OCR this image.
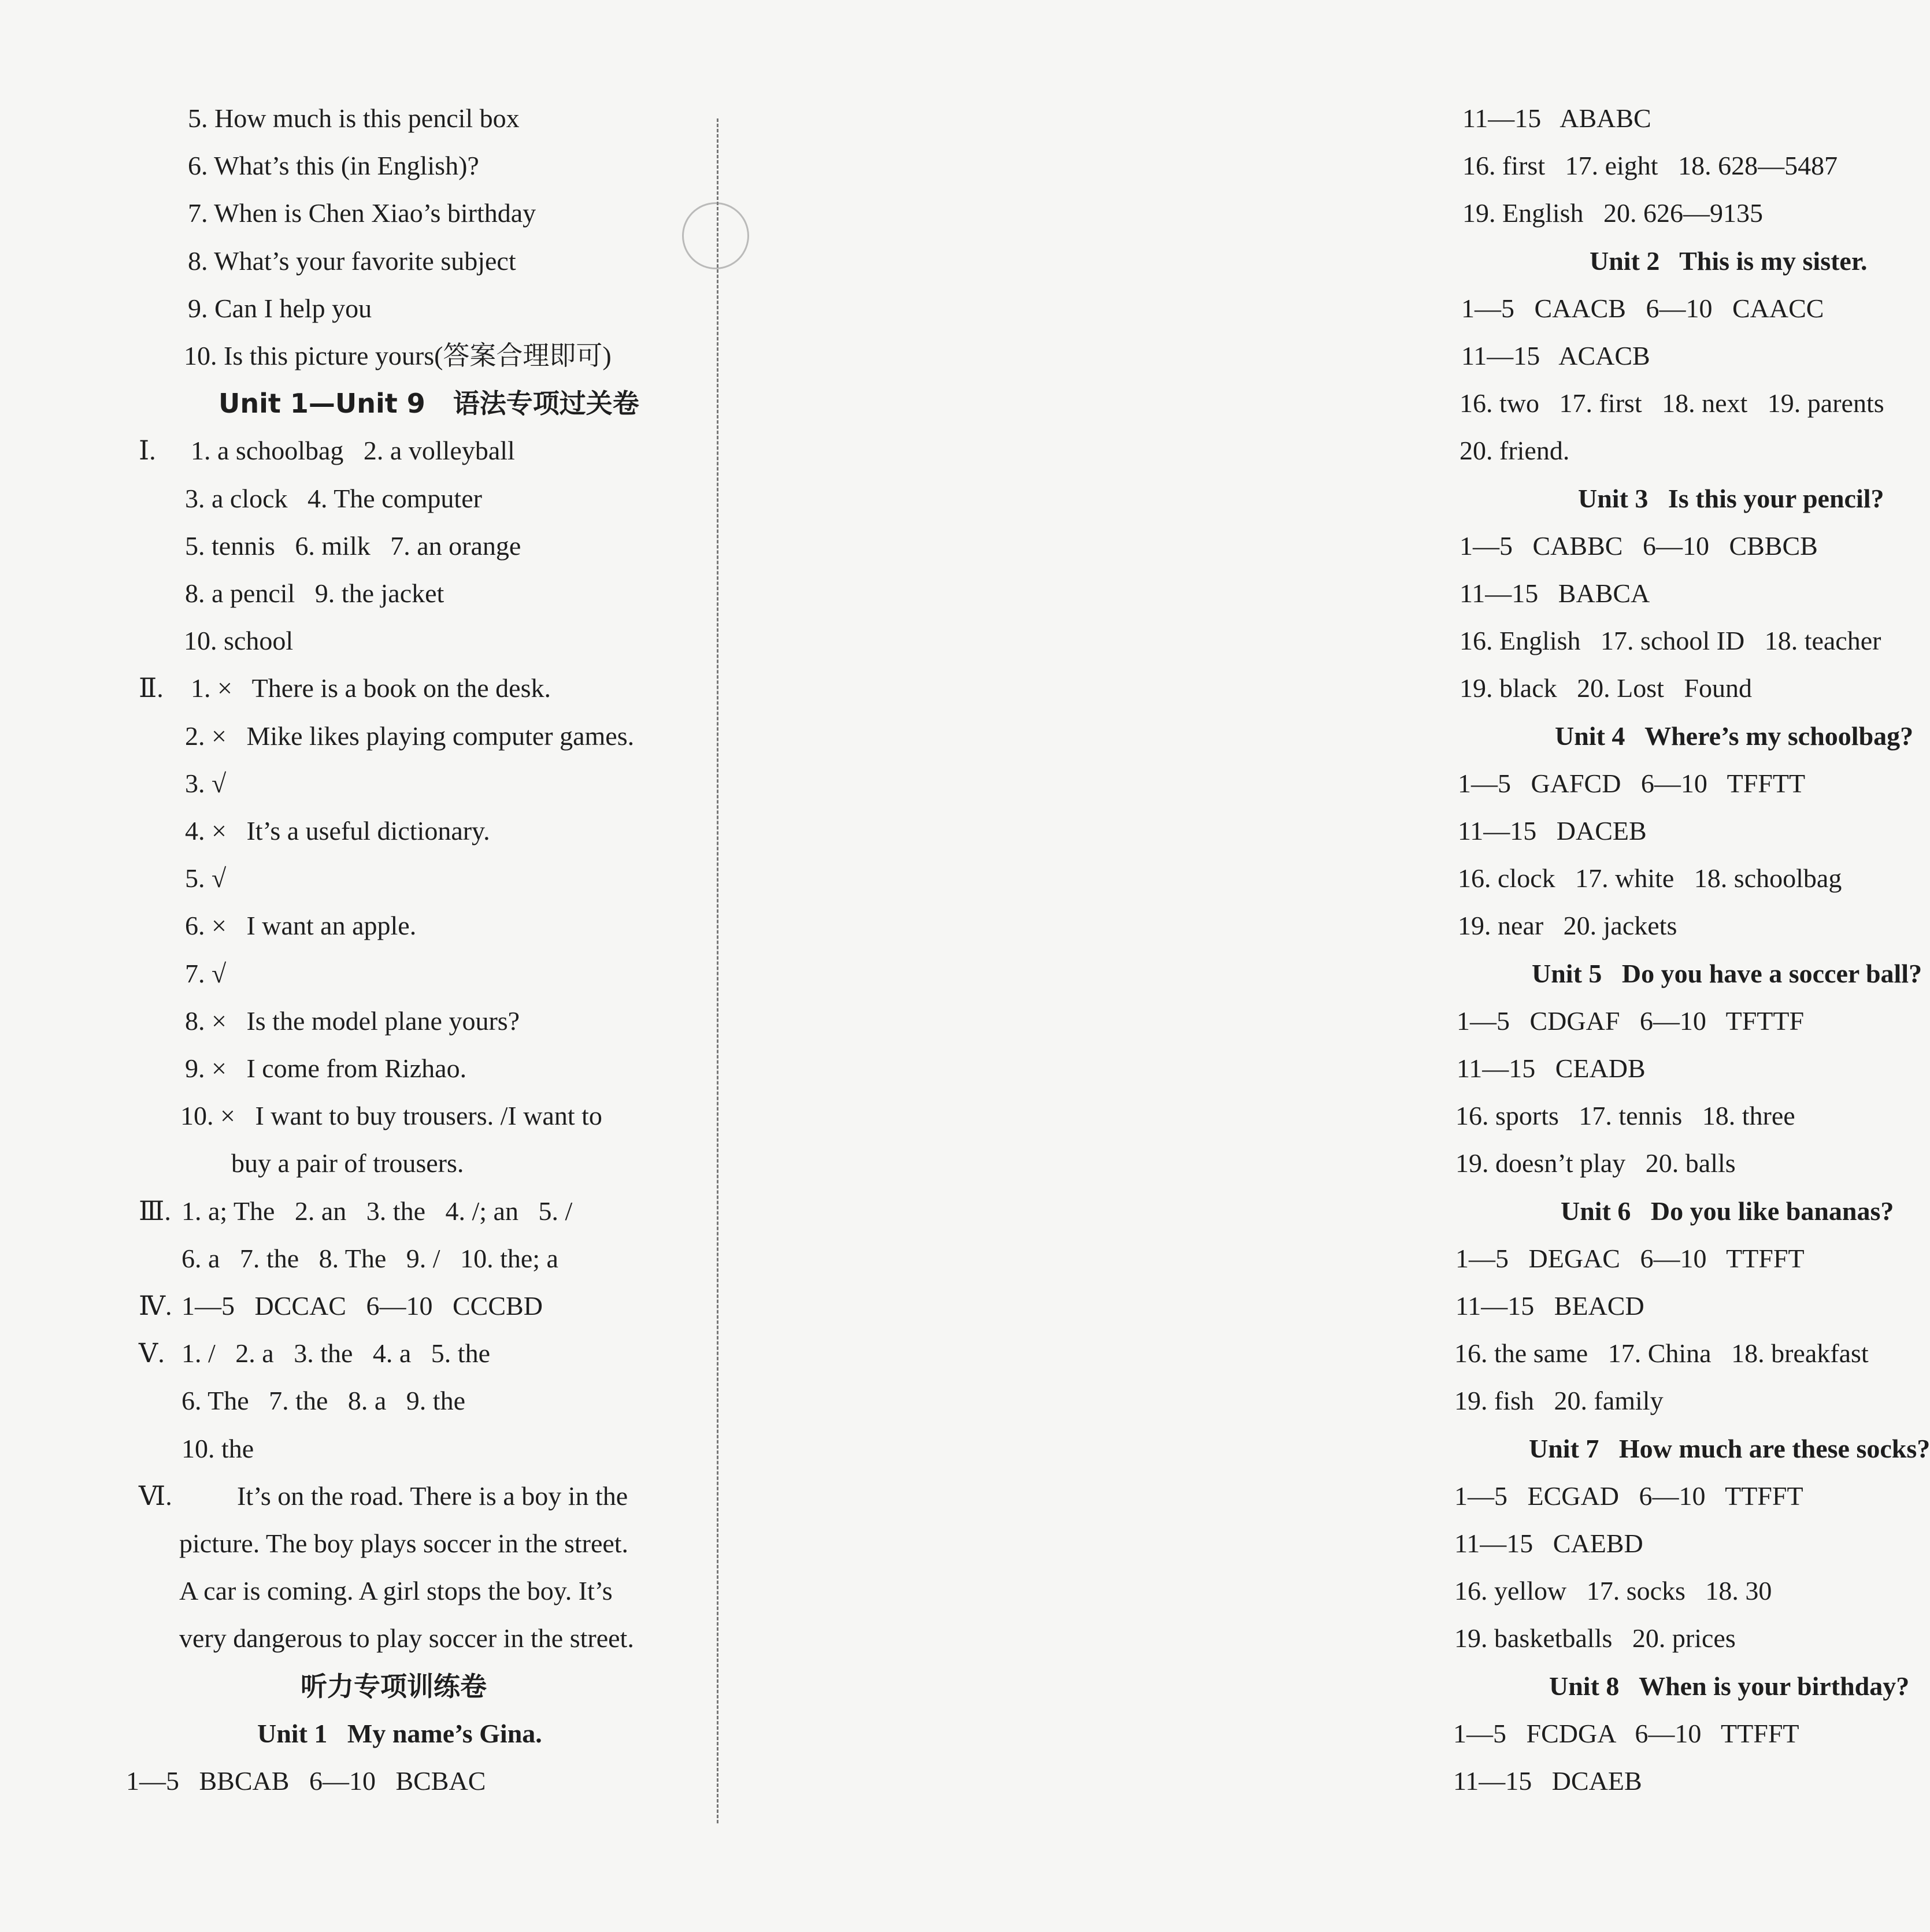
5. How much is this pencil box
6. What’s this (in English)?
7. When is Chen Xiao’s birthday
8. What’s your favorite subject
9. Can I help you
10. Is this picture yours(答案合理即可)
Unit 1—Unit 9   语法专项过关卷
Ⅰ. 1. a schoolbag   2. a volleyball
3. a clock   4. The computer
5. tennis   6. milk   7. an orange
8. a pencil   9. the jacket
10. school
Ⅱ. 1. ×   There is a book on the desk.
2. ×   Mike likes playing computer games.
3. √
4. ×   It’s a useful dictionary.
5. √
6. ×   I want an apple.
7. √
8. ×   Is the model plane yours?
9. ×   I come from Rizhao.
10. ×   I want to buy trousers. /I want to
buy a pair of trousers.
Ⅲ. 1. a; The   2. an   3. the   4. /; an   5. /
6. a   7. the   8. The   9. /   10. the; a
Ⅳ. 1—5   DCCAC   6—10   CCCBD
Ⅴ. 1. /   2. a   3. the   4. a   5. the
6. The   7. the   8. a   9. the
10. the
Ⅵ. It’s on the road. There is a boy in the
picture. The boy plays soccer in the street.
A car is coming. A girl stops the boy. It’s
very dangerous to play soccer in the street.
听力专项训练卷
Unit 1   My name’s Gina.
1—5   BBCAB   6—10   BCBAC
11—15   ABABC
16. first   17. eight   18. 628—5487
19. English   20. 626—9135
Unit 2   This is my sister.
1—5   CAACB   6—10   CAACC
11—15   ACACB
16. two   17. first   18. next   19. parents
20. friend.
Unit 3   Is this your pencil?
1—5   CABBC   6—10   CBBCB
11—15   BABCA
16. English   17. school ID   18. teacher
19. black   20. Lost   Found
Unit 4   Where’s my schoolbag?
1—5   GAFCD   6—10   TFFTT
11—15   DACEB
16. clock   17. white   18. schoolbag
19. near   20. jackets
Unit 5   Do you have a soccer ball?
1—5   CDGAF   6—10   TFTTF
11—15   CEADB
16. sports   17. tennis   18. three
19. doesn’t play   20. balls
Unit 6   Do you like bananas?
1—5   DEGAC   6—10   TTFFT
11—15   BEACD
16. the same   17. China   18. breakfast
19. fish   20. family
Unit 7   How much are these socks?
1—5   ECGAD   6—10   TTFFT
11—15   CAEBD
16. yellow   17. socks   18. 30
19. basketballs   20. prices
Unit 8   When is your birthday?
1—5   FCDGA   6—10   TTFFT
11—15   DCAEB
